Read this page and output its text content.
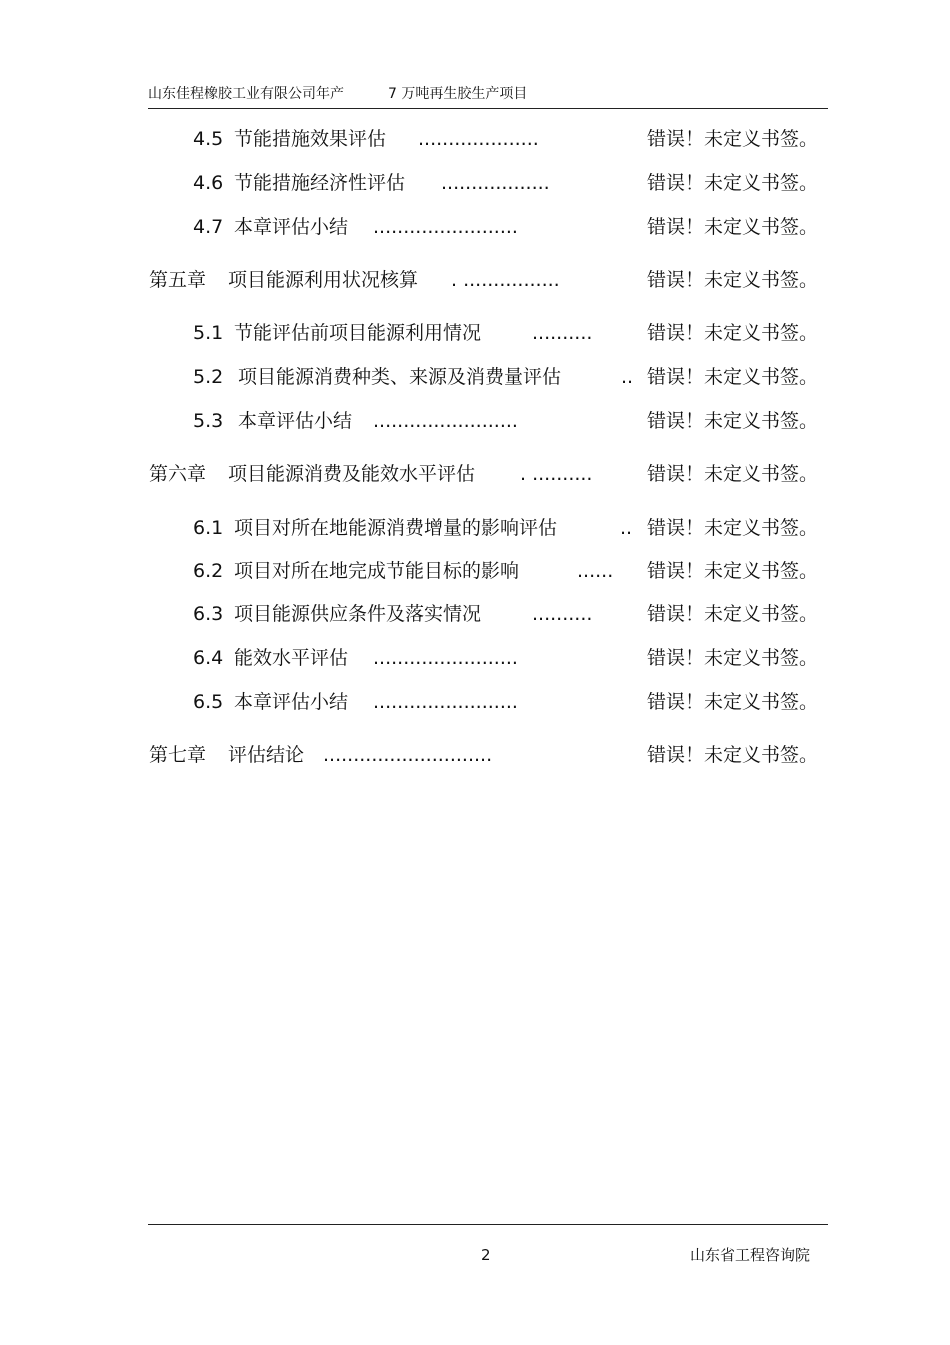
山东佳程橡胶工业有限公司年产	7 万吨再生胶生产项目
4.5 节能措施效果评估 ....................	错误！未定义书签。
4.6 节能措施经济性评估 ..................	错误！未定义书签。
4.7 本章评估小结 ........................	错误！未定义书签。
第五章 项目能源利用状况核算 . ................	错误！未定义书签。
5.1 节能评估前项目能源利用情况	..........	错误！未定义书签。
5.2 项目能源消费种类、来源及消费量评估	.. 错误！未定义书签。
5.3 本章评估小结 ........................	错误！未定义书签。
第六章 项目能源消费及能效水平评估 . ..........	错误！未定义书签。
6.1 项目对所在地能源消费增量的影响评估	.. 错误！未定义书签。
6.2 项目对所在地完成节能目标的影响	...... 错误！未定义书签。
6.3 项目能源供应条件及落实情况	..........	错误！未定义书签。
6.4 能效水平评估 ........................	错误！未定义书签。
6.5 本章评估小结 ........................	错误！未定义书签。
第七章 评估结论 ............................	错误！未定义书签。
2	山东省工程咨询院
